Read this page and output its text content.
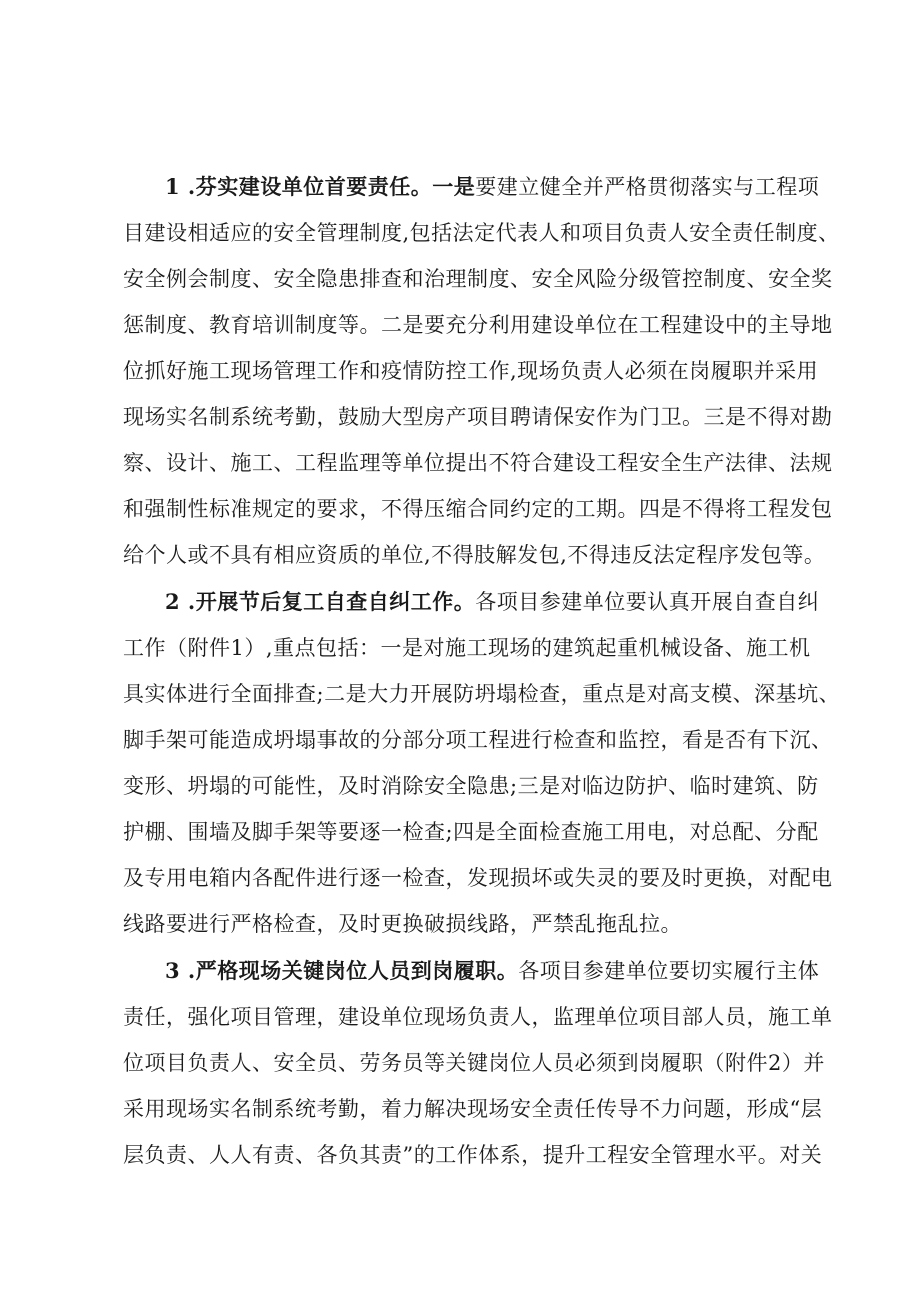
1 .芬实建设单位首要责任。一是要建立健全并严格贯彻落实与工程项
目建设相适应的安全管理制度,包括法定代表人和项目负责人安全责任制度、
安全例会制度、安全隐患排查和治理制度、安全风险分级管控制度、安全奖
惩制度、教育培训制度等。二是要充分利用建设单位在工程建设中的主导地
位抓好施工现场管理工作和疫情防控工作,现场负责人必须在岗履职并采用
现场实名制系统考勤，鼓励大型房产项目聘请保安作为门卫。三是不得对勘
察、设计、施工、工程监理等单位提出不符合建设工程安全生产法律、法规
和强制性标准规定的要求，不得压缩合同约定的工期。四是不得将工程发包
给个人或不具有相应资质的单位,不得肢解发包,不得违反法定程序发包等。
2 .开展节后复工自查自纠工作。各项目参建单位要认真开展自查自纠
工作（附件1）,重点包括：一是对施工现场的建筑起重机械设备、施工机
具实体进行全面排查;二是大力开展防坍塌检查，重点是对高支模、深基坑、
脚手架可能造成坍塌事故的分部分项工程进行检查和监控，看是否有下沉、
变形、坍塌的可能性，及时消除安全隐患;三是对临边防护、临时建筑、防
护棚、围墙及脚手架等要逐一检查;四是全面检查施工用电，对总配、分配
及专用电箱内各配件进行逐一检查，发现损坏或失灵的要及时更换，对配电
线路要进行严格检查，及时更换破损线路，严禁乱拖乱拉。
3 .严格现场关键岗位人员到岗履职。各项目参建单位要切实履行主体
责任，强化项目管理，建设单位现场负责人，监理单位项目部人员，施工单
位项目负责人、安全员、劳务员等关键岗位人员必须到岗履职（附件2）并
采用现场实名制系统考勤，着力解决现场安全责任传导不力问题，形成“层
层负责、人人有责、各负其责”的工作体系，提升工程安全管理水平。对关
